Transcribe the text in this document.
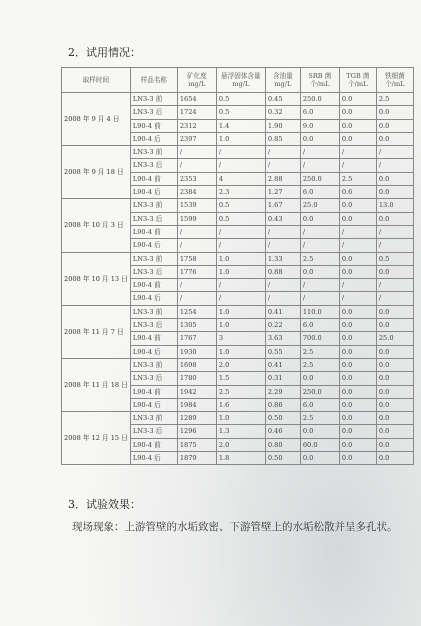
2．试用情况：
取样时间	样品名称	矿化度 mg/L	悬浮固体含量 mg/L	含油量 mg/L	SRB 菌 个/mL	TGB 菌 个/mL	铁细菌 个/mL
2008 年 9 月 4 日	LN3-3 前	1654	0.5	0.45	250.0	0.0	2.5
	LN3-3 后	1724	0.5	0.32	6.0	0.0	0.0
	L90-4 前	2312	1.4	1.90	9.0	0.0	0.0
	L90-4 后	2397	1.0	0.85	0.0	0.0	0.0
2008 年 9 月 18 日	LN3-3 前	/	/	/	/	/	/
	LN3-3 后	/	/	/	/	/	/
	L90-4 前	2353	4	2.88	250.0	2.5	0.0
	L90-4 后	2384	2.3	1.27	6.0	0.6	0.0
2008 年 10 月 3 日	LN3-3 前	1539	0.5	1.67	25.0	0.0	13.0
	LN3-3 后	1599	0.5	0.43	0.0	0.0	0.0
	L90-4 前	/	/	/	/	/	/
	L90-4 后	/	/	/	/	/	/
2008 年 10 月 13 日	LN3-3 前	1758	1.0	1.33	2.5	0.0	0.5
	LN3-3 后	1776	1.0	0.88	0.0	0.0	0.0
	L90-4 前	/	/	/	/	/	/
	L90-4 后	/	/	/	/	/	/
2008 年 11 月 7 日	LN3-3 前	1254	1.0	0.41	110.0	0.0	0.0
	LN3-3 后	1305	1.0	0.22	6.0	0.0	0.0
	L90-4 前	1767	3	3.63	700.0	0.0	25.0
	L90-4 后	1930	1.0	0.55	2.5	0.0	0.0
2008 年 11 月 18 日	LN3-3 前	1698	2.0	0.41	2.5	0.0	0.0
	LN3-3 后	1780	1.5	0.31	0.0	0.0	0.0
	L90-4 前	1942	2.5	2.29	250.0	0.0	0.0
	L90-4 后	1984	1.6	0.86	6.0	0.0	0.0
2008 年 12 月 15 日	LN3-3 前	1289	1.0	0.50	2.5	0.0	0.0
	LN3-3 后	1296	1.3	0.46	0.0	0.0	0.0
	L90-4 前	1875	2.0	0.80	60.0	0.0	0.0
	L90-4 后	1879	1.8	0.50	0.0	0.0	0.0
3．试验效果：
现场现象：上游管壁的水垢致密、下游管壁上的水垢松散并呈多孔状。
